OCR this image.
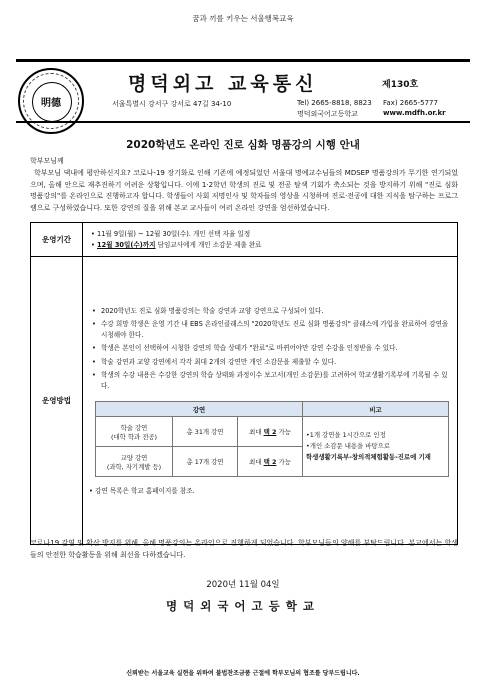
꿈과 끼를 키우는 서울행복교육
明德
명덕외고 교육통신	제130호
서울특별시 강서구 강서로 47길 34-10	Tel) 2665-8818, 8823 Fax) 2665-5777
명덕외국어고등학교	www.mdfh.or.kr
2020학년도 온라인 진로 심화 명품강의 시행 안내
학부모님께
학부모님 댁내에 평안하신지요? 코로나-19 장기화로 인해 기존에 예정되었던 서울대 명예교수님들의 MDSEP 명품강의가 무기한 연기되었으며, 올해 안으로 재추진하기 어려운 상황입니다. 이에 1·2학년 학생의 진로 및 전공 탐색 기회가 축소되는 것을 방지하기 위해 "진로 심화 명품강의"를 온라인으로 진행하고자 합니다. 학생들이 사회 저명인사 및 학자들의 영상을 시청하며 진로·전공에 대한 지식을 탐구하는 프로그램으로 구성하였습니다. 또한 강연의 질을 위해 본교 교사들이 여러 온라인 강연을 엄선하였습니다.
운영기간	
• 11월 9일(월) ~ 12월 30일(수). 개인 선택 자율 일정
• 12월 30일(수)까지 담임교사에게 개인 소감문 제출 완료

운영방법	
• 2020학년도 진로 심화 명품강의는 학술 강연과 교양 강연으로 구성되어 있다.
• 수강 희망 학생은 운영 기간 내 EBS 온라인클래스의 "2020학년도 진로 심화 명품강의" 클래스에 가입을 완료하여 강연을 시청해야 한다.
• 학생은 본인이 선택하여 시청한 강연의 학습 상태가 "완료"로 바뀌어야만 강연 수강을 인정받을 수 있다.
• 학술 강연과 교양 강연에서 각각 최대 2개의 강연만 개인 소감문을 제출할 수 있다.
• 학생의 수강 내용은 수강한 강연의 학습 상태와 과정이수 보고서(개인 소감문)를 고려하여 학교생활기록부에 기록될 수 있다.
강연	비고
학술 강연
(대학 학과 전공)	총 31개 강연	최대 택 2 가능	•1개 강연을 1시간으로 인정
•개인 소감문 내용을 바탕으로
학생생활기록부-창의적체험활동-진로에 기재

교양 강연
(과학, 자기계발 등)	총 17개 강연	최대 택 2 가능
• 강연 목록은 학교 홈페이지를 참조.
코로나19 감염 및 확산 방지를 위해, 올해 명품강의는 온라인으로 진행하게 되었습니다. 학부모님들의 양해를 부탁드립니다. 본교에서는 학생들의 안전한 학습활동을 위해 최선을 다하겠습니다.
2020년 11월 04일
명덕외국어고등학교
신뢰받는 서울교육 실현을 위하여 불법찬조금품 근절에 학부모님의 협조를 당부드립니다.
